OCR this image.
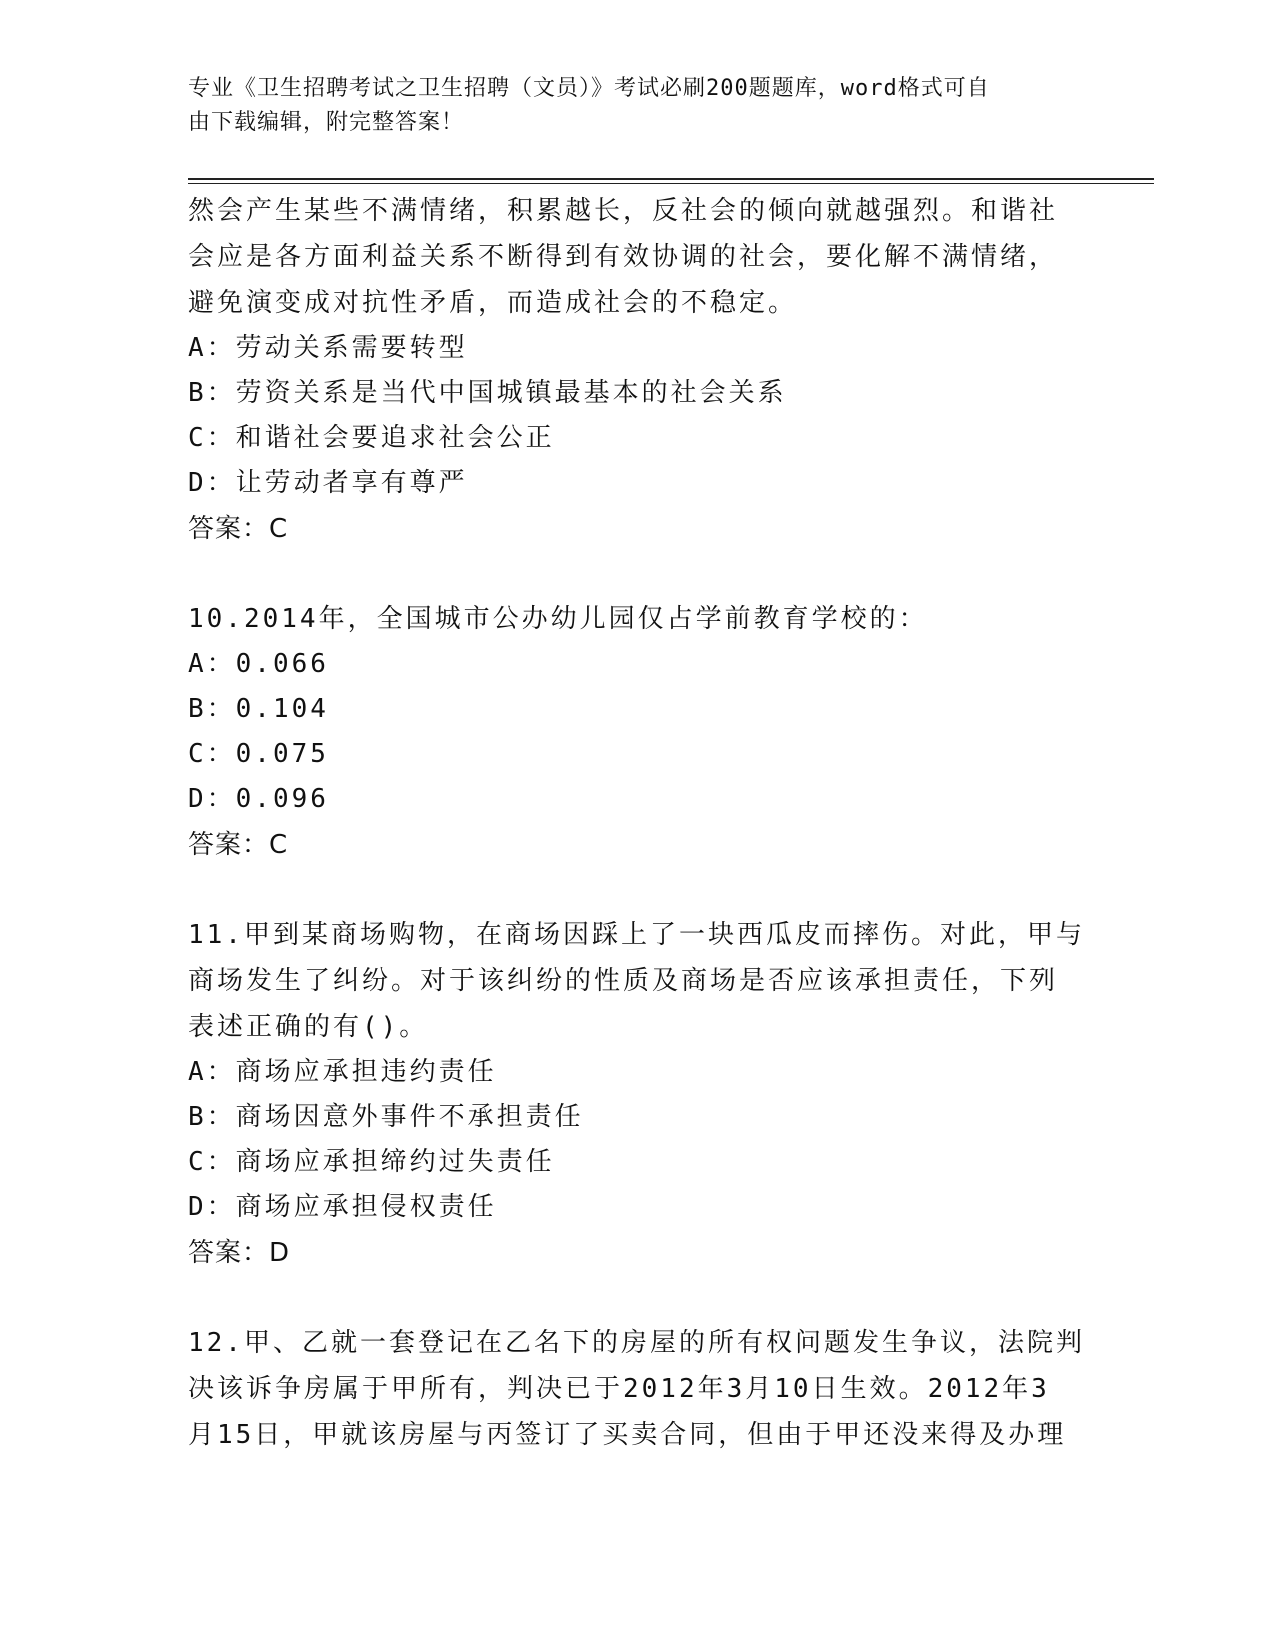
专业《卫生招聘考试之卫生招聘（文员）》考试必刷200题题库，word格式可自
由下载编辑，附完整答案！
然会产生某些不满情绪，积累越长，反社会的倾向就越强烈。和谐社
会应是各方面利益关系不断得到有效协调的社会，要化解不满情绪，
避免演变成对抗性矛盾，而造成社会的不稳定。
A：劳动关系需要转型
B：劳资关系是当代中国城镇最基本的社会关系
C：和谐社会要追求社会公正
D：让劳动者享有尊严
答案：C
10.2014年，全国城市公办幼儿园仅占学前教育学校的：
A：0.066
B：0.104
C：0.075
D：0.096
答案：C
11.甲到某商场购物，在商场因踩上了一块西瓜皮而摔伤。对此，甲与
商场发生了纠纷。对于该纠纷的性质及商场是否应该承担责任，下列
表述正确的有()。
A：商场应承担违约责任
B：商场因意外事件不承担责任
C：商场应承担缔约过失责任
D：商场应承担侵权责任
答案：D
12.甲、乙就一套登记在乙名下的房屋的所有权问题发生争议，法院判
决该诉争房属于甲所有，判决已于2012年3月10日生效。2012年3
月15日，甲就该房屋与丙签订了买卖合同，但由于甲还没来得及办理
